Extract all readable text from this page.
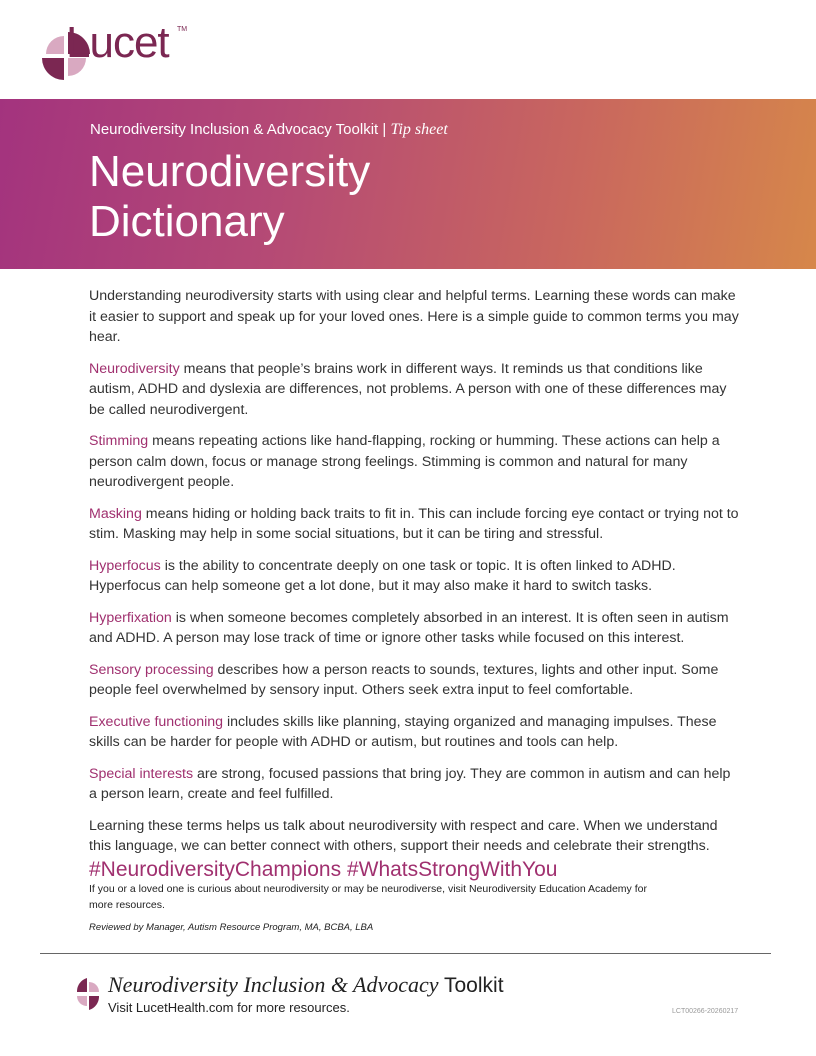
Lucet TM
Neurodiversity Inclusion & Advocacy Toolkit | Tip sheet
Neurodiversity
Dictionary

Understanding neurodiversity starts with using clear and helpful terms. Learning these words can make it easier to support and speak up for your loved ones. Here is a simple guide to common terms you may hear.

Neurodiversity means that people’s brains work in different ways. It reminds us that conditions like autism, ADHD and dyslexia are differences, not problems. A person with one of these differences may be called neurodivergent.

Stimming means repeating actions like hand-flapping, rocking or humming. These actions can help a person calm down, focus or manage strong feelings. Stimming is common and natural for many neurodivergent people.

Masking means hiding or holding back traits to fit in. This can include forcing eye contact or trying not to stim. Masking may help in some social situations, but it can be tiring and stressful.

Hyperfocus is the ability to concentrate deeply on one task or topic. It is often linked to ADHD. Hyperfocus can help someone get a lot done, but it may also make it hard to switch tasks.

Hyperfixation is when someone becomes completely absorbed in an interest. It is often seen in autism and ADHD. A person may lose track of time or ignore other tasks while focused on this interest.

Sensory processing describes how a person reacts to sounds, textures, lights and other input. Some people feel overwhelmed by sensory input. Others seek extra input to feel comfortable.

Executive functioning includes skills like planning, staying organized and managing impulses. These skills can be harder for people with ADHD or autism, but routines and tools can help.

Special interests are strong, focused passions that bring joy. They are common in autism and can help a person learn, create and feel fulfilled.

Learning these terms helps us talk about neurodiversity with respect and care. When we understand this language, we can better connect with others, support their needs and celebrate their strengths.

#NeurodiversityChampions #WhatsStrongWithYou
If you or a loved one is curious about neurodiversity or may be neurodiverse, visit Neurodiversity Education Academy for more resources.
Reviewed by Manager, Autism Resource Program, MA, BCBA, LBA
Neurodiversity Inclusion & Advocacy Toolkit
Visit LucetHealth.com for more resources.	LCT00266-20260217
